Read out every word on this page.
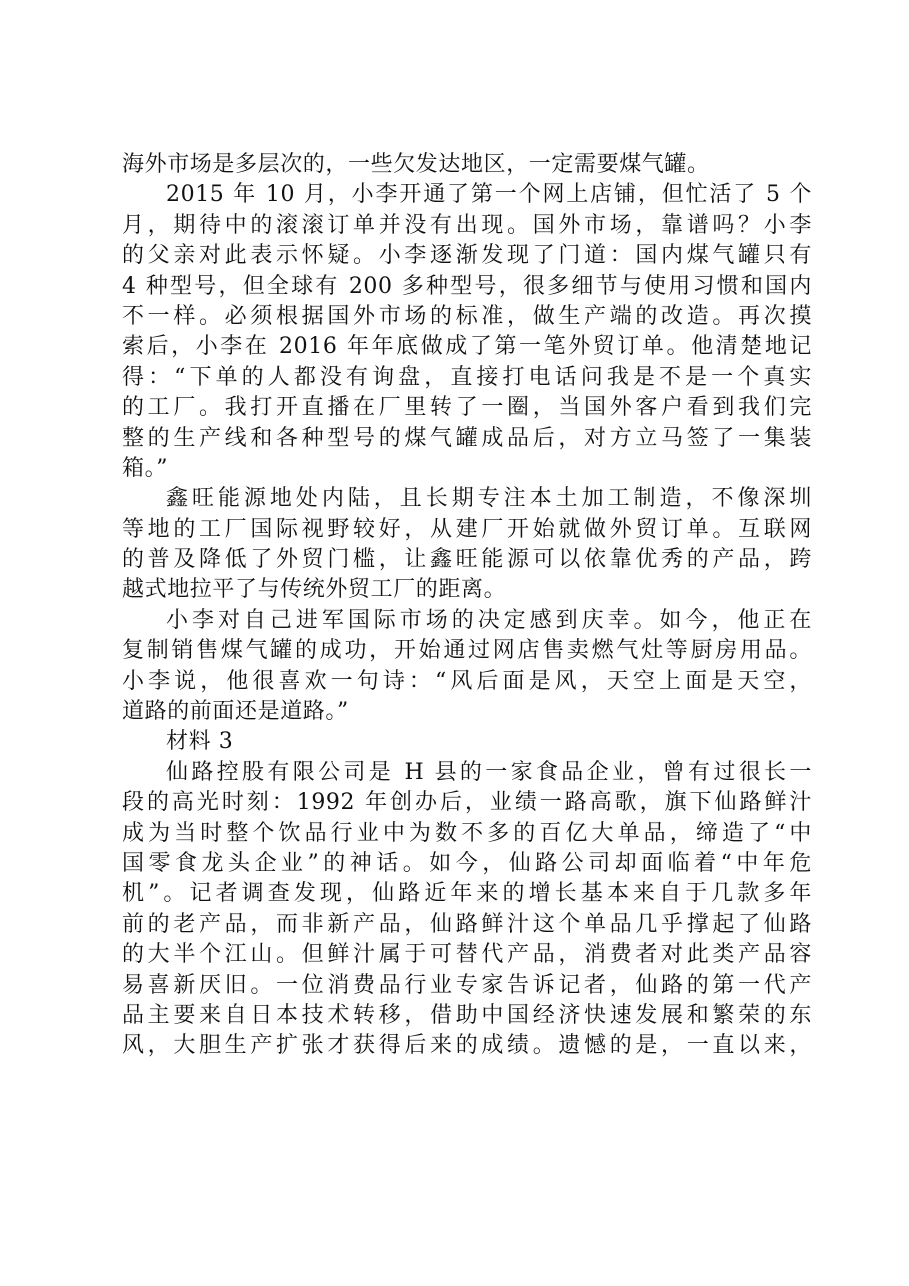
海外市场是多层次的，一些欠发达地区，一定需要煤气罐。
2015 年 10 月，小李开通了第一个网上店铺，但忙活了 5 个
月，期待中的滚滚订单并没有出现。国外市场，靠谱吗？小李
的父亲对此表示怀疑。小李逐渐发现了门道：国内煤气罐只有
4 种型号，但全球有 200 多种型号，很多细节与使用习惯和国内
不一样。必须根据国外市场的标准，做生产端的改造。再次摸
索后，小李在 2016 年年底做成了第一笔外贸订单。他清楚地记
得：“下单的人都没有询盘，直接打电话问我是不是一个真实
的工厂。我打开直播在厂里转了一圈，当国外客户看到我们完
整的生产线和各种型号的煤气罐成品后，对方立马签了一集装
箱。”
鑫旺能源地处内陆，且长期专注本土加工制造，不像深圳
等地的工厂国际视野较好，从建厂开始就做外贸订单。互联网
的普及降低了外贸门槛，让鑫旺能源可以依靠优秀的产品，跨
越式地拉平了与传统外贸工厂的距离。
小李对自己进军国际市场的决定感到庆幸。如今，他正在
复制销售煤气罐的成功，开始通过网店售卖燃气灶等厨房用品。
小李说，他很喜欢一句诗：“风后面是风，天空上面是天空，
道路的前面还是道路。”
材料 3
仙路控股有限公司是 H 县的一家食品企业，曾有过很长一
段的高光时刻：1992 年创办后，业绩一路高歌，旗下仙路鲜汁
成为当时整个饮品行业中为数不多的百亿大单品，缔造了“中
国零食龙头企业”的神话。如今，仙路公司却面临着“中年危
机”。记者调查发现，仙路近年来的增长基本来自于几款多年
前的老产品，而非新产品，仙路鲜汁这个单品几乎撑起了仙路
的大半个江山。但鲜汁属于可替代产品，消费者对此类产品容
易喜新厌旧。一位消费品行业专家告诉记者，仙路的第一代产
品主要来自日本技术转移，借助中国经济快速发展和繁荣的东
风，大胆生产扩张才获得后来的成绩。遗憾的是，一直以来，
